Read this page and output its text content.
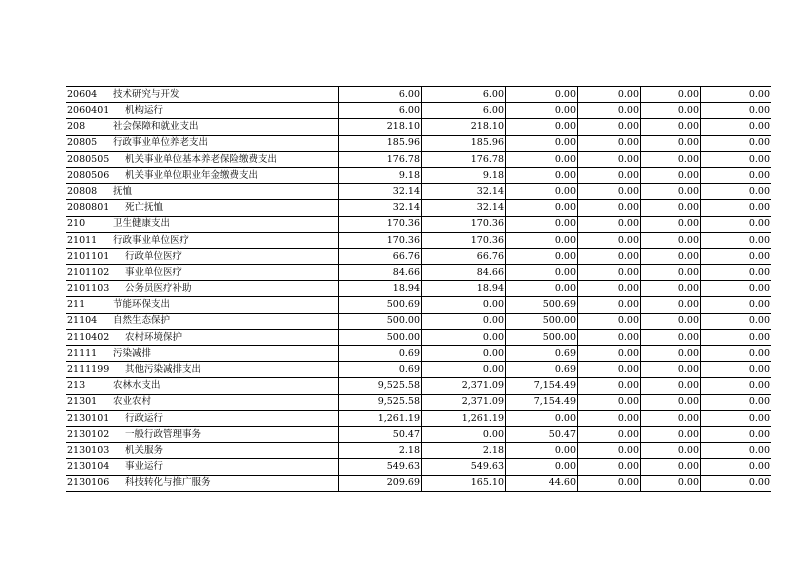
20604	技术研究与开发	6.00	6.00	0.00	0.00	0.00	0.00
2060401	机构运行	6.00	6.00	0.00	0.00	0.00	0.00
208	社会保障和就业支出	218.10	218.10	0.00	0.00	0.00	0.00
20805	行政事业单位养老支出	185.96	185.96	0.00	0.00	0.00	0.00
2080505	机关事业单位基本养老保险缴费支出	176.78	176.78	0.00	0.00	0.00	0.00
2080506	机关事业单位职业年金缴费支出	9.18	9.18	0.00	0.00	0.00	0.00
20808	抚恤	32.14	32.14	0.00	0.00	0.00	0.00
2080801	死亡抚恤	32.14	32.14	0.00	0.00	0.00	0.00
210	卫生健康支出	170.36	170.36	0.00	0.00	0.00	0.00
21011	行政事业单位医疗	170.36	170.36	0.00	0.00	0.00	0.00
2101101	行政单位医疗	66.76	66.76	0.00	0.00	0.00	0.00
2101102	事业单位医疗	84.66	84.66	0.00	0.00	0.00	0.00
2101103	公务员医疗补助	18.94	18.94	0.00	0.00	0.00	0.00
211	节能环保支出	500.69	0.00	500.69	0.00	0.00	0.00
21104	自然生态保护	500.00	0.00	500.00	0.00	0.00	0.00
2110402	农村环境保护	500.00	0.00	500.00	0.00	0.00	0.00
21111	污染减排	0.69	0.00	0.69	0.00	0.00	0.00
2111199	其他污染减排支出	0.69	0.00	0.69	0.00	0.00	0.00
213	农林水支出	9,525.58	2,371.09	7,154.49	0.00	0.00	0.00
21301	农业农村	9,525.58	2,371.09	7,154.49	0.00	0.00	0.00
2130101	行政运行	1,261.19	1,261.19	0.00	0.00	0.00	0.00
2130102	一般行政管理事务	50.47	0.00	50.47	0.00	0.00	0.00
2130103	机关服务	2.18	2.18	0.00	0.00	0.00	0.00
2130104	事业运行	549.63	549.63	0.00	0.00	0.00	0.00
2130106	科技转化与推广服务	209.69	165.10	44.60	0.00	0.00	0.00
